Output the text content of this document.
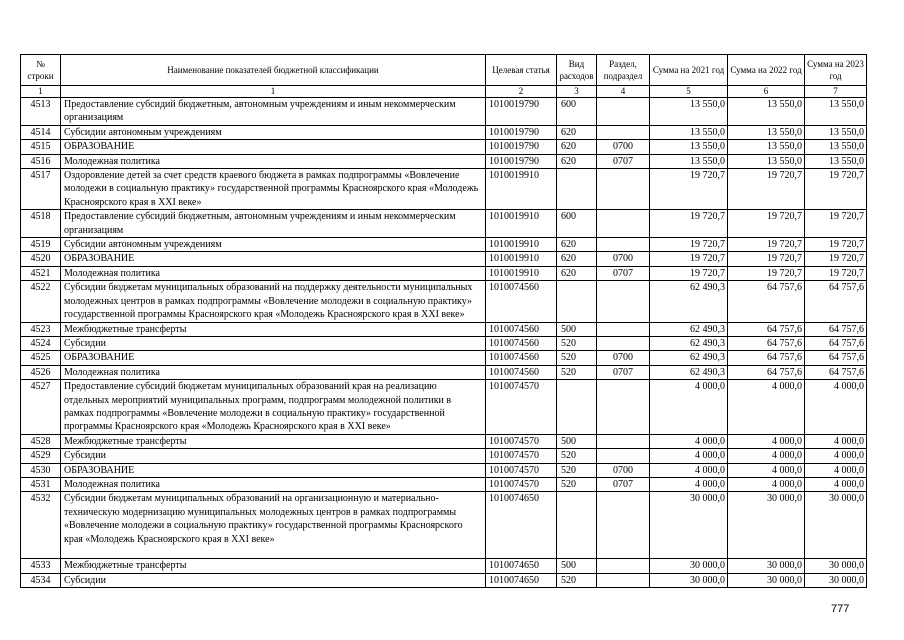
№ строки	Наименование показателей бюджетной классификации	Целевая статья	Вид расходов	Раздел, подраздел	Сумма на 2021 год	Сумма на 2022 год	Сумма на 2023 год
1	1	2	3	4	5	6	7
4513	Предоставление субсидий бюджетным, автономным учреждениям и иным некоммерческим организациям	1010019790	600		13 550,0	13 550,0	13 550,0
4514	Субсидии автономным учреждениям	1010019790	620		13 550,0	13 550,0	13 550,0
4515	ОБРАЗОВАНИЕ	1010019790	620	0700	13 550,0	13 550,0	13 550,0
4516	Молодежная политика	1010019790	620	0707	13 550,0	13 550,0	13 550,0
4517	Оздоровление детей за счет средств краевого бюджета в рамках подпрограммы «Вовлечение молодежи в социальную практику» государственной программы Красноярского края «Молодежь Красноярского края в XXI веке»	1010019910			19 720,7	19 720,7	19 720,7
4518	Предоставление субсидий бюджетным, автономным учреждениям и иным некоммерческим организациям	1010019910	600		19 720,7	19 720,7	19 720,7
4519	Субсидии автономным учреждениям	1010019910	620		19 720,7	19 720,7	19 720,7
4520	ОБРАЗОВАНИЕ	1010019910	620	0700	19 720,7	19 720,7	19 720,7
4521	Молодежная политика	1010019910	620	0707	19 720,7	19 720,7	19 720,7
4522	Субсидии бюджетам муниципальных образований на поддержку деятельности муниципальных молодежных центров в рамках подпрограммы «Вовлечение молодежи в социальную практику» государственной программы Красноярского края «Молодежь Красноярского края в XXI веке»	1010074560			62 490,3	64 757,6	64 757,6
4523	Межбюджетные трансферты	1010074560	500		62 490,3	64 757,6	64 757,6
4524	Субсидии	1010074560	520		62 490,3	64 757,6	64 757,6
4525	ОБРАЗОВАНИЕ	1010074560	520	0700	62 490,3	64 757,6	64 757,6
4526	Молодежная политика	1010074560	520	0707	62 490,3	64 757,6	64 757,6
4527	Предоставление субсидий бюджетам муниципальных образований края на реализацию отдельных мероприятий муниципальных программ, подпрограмм молодежной политики в рамках подпрограммы «Вовлечение молодежи в социальную практику» государственной программы Красноярского края «Молодежь Красноярского края в XXI веке»	1010074570			4 000,0	4 000,0	4 000,0
4528	Межбюджетные трансферты	1010074570	500		4 000,0	4 000,0	4 000,0
4529	Субсидии	1010074570	520		4 000,0	4 000,0	4 000,0
4530	ОБРАЗОВАНИЕ	1010074570	520	0700	4 000,0	4 000,0	4 000,0
4531	Молодежная политика	1010074570	520	0707	4 000,0	4 000,0	4 000,0
4532	Субсидии бюджетам муниципальных образований на организационную и материально-техническую модернизацию муниципальных молодежных центров в рамках подпрограммы «Вовлечение молодежи в социальную практику» государственной программы Красноярского края «Молодежь Красноярского края в XXI веке»	1010074650			30 000,0	30 000,0	30 000,0
4533	Межбюджетные трансферты	1010074650	500		30 000,0	30 000,0	30 000,0
4534	Субсидии	1010074650	520		30 000,0	30 000,0	30 000,0
777
